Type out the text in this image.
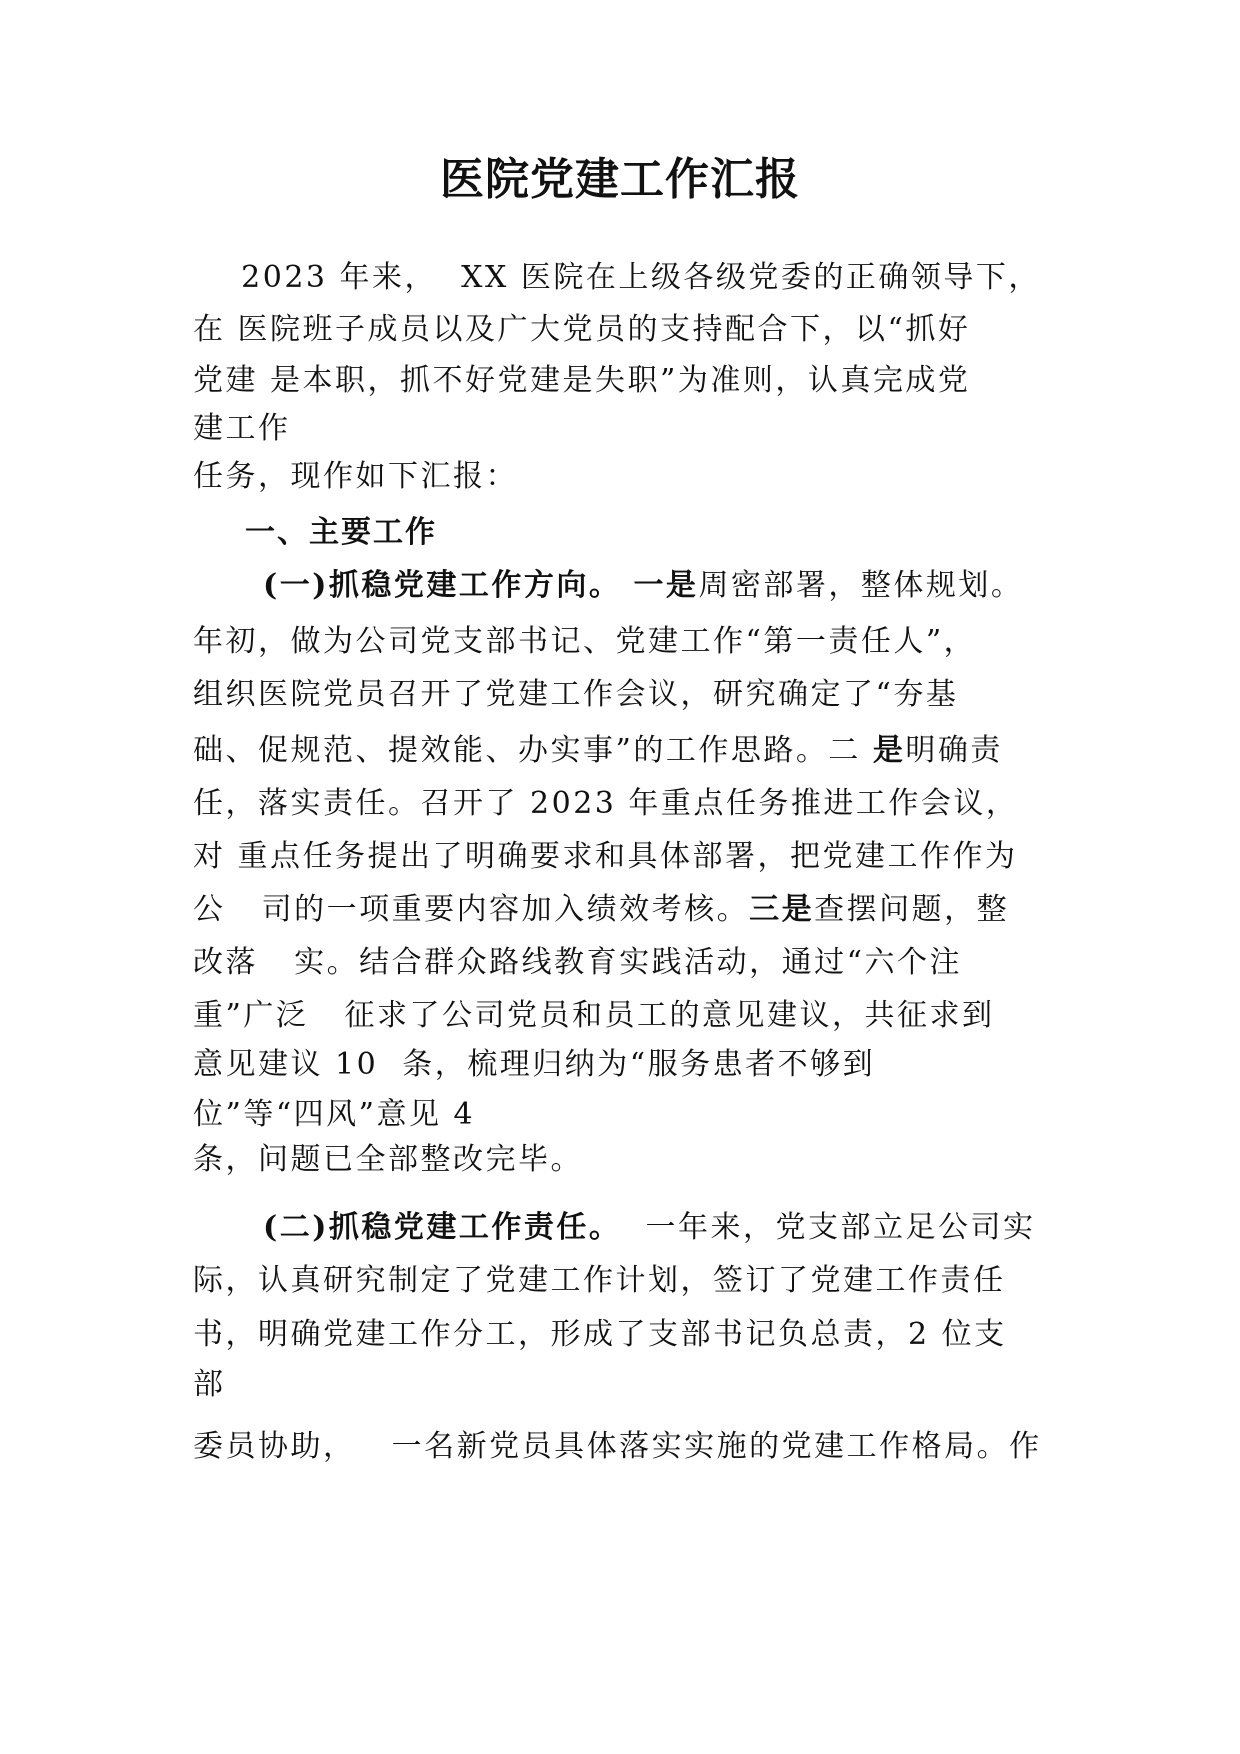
医院党建工作汇报
2023 年来，  XX 医院在上级各级党委的正确领导下，
在 医院班子成员以及广大党员的支持配合下，以“抓好
党建 是本职，抓不好党建是失职”为准则，认真完成党
建工作
任务，现作如下汇报：
一、主要工作
(一)抓稳党建工作方向。 一是周密部署，整体规划。
年初，做为公司党支部书记、党建工作“第一责任人”，
组织医院党员召开了党建工作会议，研究确定了“夯基
础、促规范、提效能、办实事”的工作思路。二 是明确责
任，落实责任。召开了 2023 年重点任务推进工作会议，
对 重点任务提出了明确要求和具体部署，把党建工作作为
公   司的一项重要内容加入绩效考核。三是查摆问题，整
改落   实。结合群众路线教育实践活动，通过“六个注
重”广泛   征求了公司党员和员工的意见建议，共征求到
意见建议 10  条，梳理归纳为“服务患者不够到
位”等“四风”意见 4
条，问题已全部整改完毕。
(二)抓稳党建工作责任。  一年来，党支部立足公司实
际，认真研究制定了党建工作计划，签订了党建工作责任
书，明确党建工作分工，形成了支部书记负总责，2 位支
部
委员协助，   一名新党员具体落实实施的党建工作格局。作
